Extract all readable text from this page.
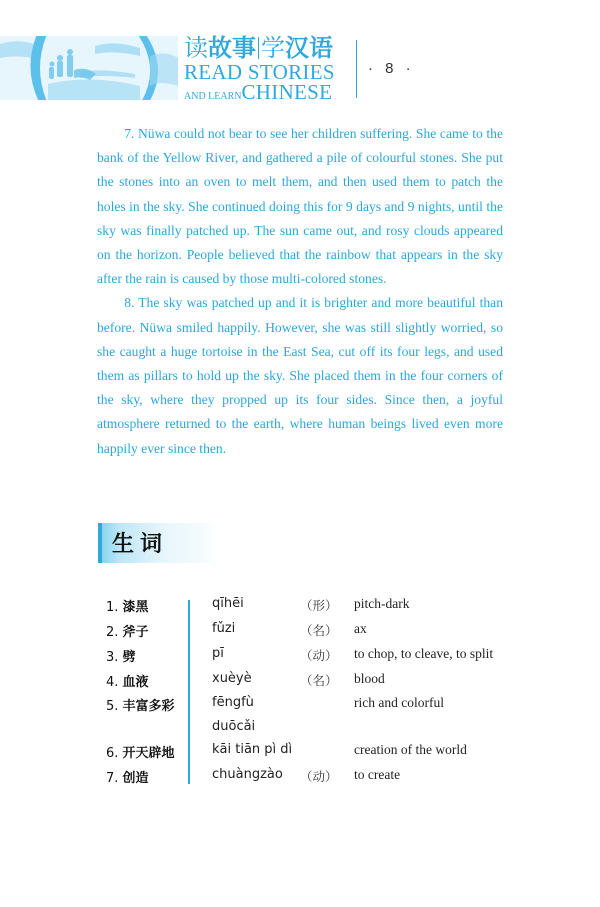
读故事 学汉语
READ STORIES
AND LEARNCHINESE
· 8 ·

7. Nüwa could not bear to see her children suffering. She came to the bank of the Yellow River, and gathered a pile of colourful stones. She put the stones into an oven to melt them, and then used them to patch the holes in the sky. She continued doing this for 9 days and 9 nights, until the sky was finally patched up. The sun came out, and rosy clouds appeared on the horizon. People believed that the rainbow that appears in the sky after the rain is caused by those multi-colored stones.

8. The sky was patched up and it is brighter and more beautiful than before. Nüwa smiled happily. However, she was still slightly worried, so she caught a huge tortoise in the East Sea, cut off its four legs, and used them as pillars to hold up the sky. She placed them in the four corners of the sky, where they propped up its four sides. Since then, a joyful atmosphere returned to the earth, where human beings lived even more happily ever since then.

生词
1. 漆黑	qīhēi	（形） pitch-dark
2. 斧子	fǔzi	（名） ax
3. 劈	pī	（动） to chop, to cleave, to split
4. 血液	xuèyè	（名） blood
5. 丰富多彩	fēngfù	rich and colorful
duōcǎi
6. 开天辟地	kāi tiān pì dì	creation of the world
7. 创造	chuàngzào （动） to create
